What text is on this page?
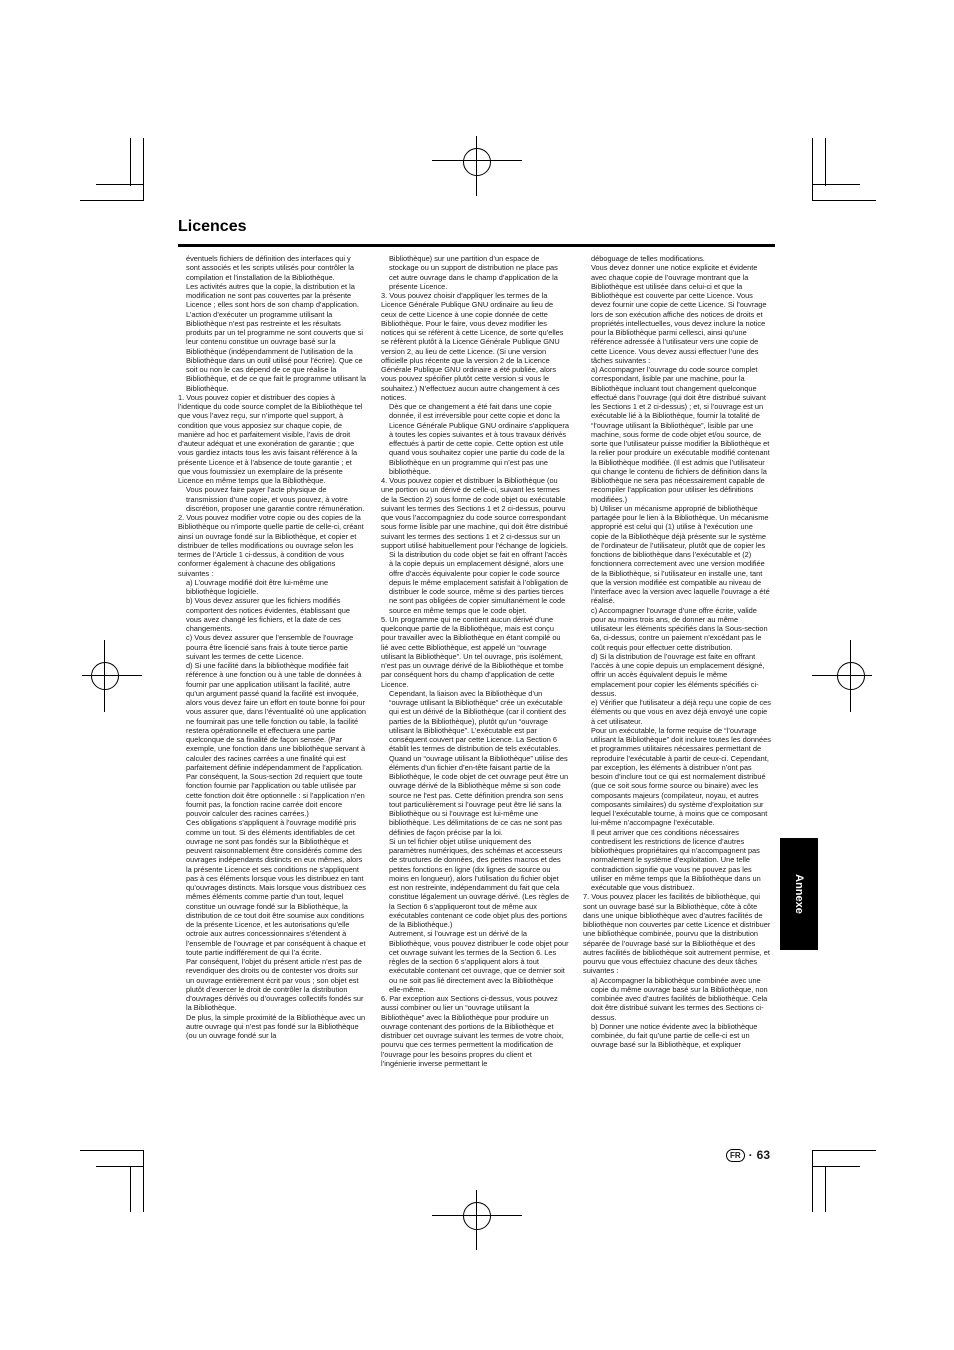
Licences

éventuels fichiers de définition des interfaces qui y sont associés et les scripts utilisés pour contrôler la compilation et l’installation de la Bibliothèque.

Les activités autres que la copie, la distribution et la modification ne sont pas couvertes par la présente Licence ; elles sont hors de son champ d’application. L’action d’exécuter un programme utilisant la Bibliothèque n’est pas restreinte et les résultats produits par un tel programme ne sont couverts que si leur contenu constitue un ouvrage basé sur la Bibliothèque (indépendamment de l’utilisation de la Bibliothèque dans un outil utilisé pour l’écrire). Que ce soit ou non le cas dépend de ce que réalise la Bibliothèque, et de ce que fait le programme utilisant la Bibliothèque.

1. Vous pouvez copier et distribuer des copies à l’identique du code source complet de la Bibliothèque tel que vous l’avez reçu, sur n’importe quel support, à condition que vous apposiez sur chaque copie, de manière ad hoc et parfaitement visible, l’avis de droit d’auteur adéquat et une exonération de garantie ; que vous gardiez intacts tous les avis faisant référence à la présente Licence et à l’absence de toute garantie ; et que vous fournissiez un exemplaire de la présente Licence en même temps que la Bibliothèque.

Vous pouvez faire payer l’acte physique de transmission d’une copie, et vous pouvez, à votre discrétion, proposer une garantie contre rémunération.

2. Vous pouvez modifier votre copie ou des copies de la Bibliothèque ou n’importe quelle partie de celle-ci, créant ainsi un ouvrage fondé sur la Bibliothèque, et copier et distribuer de telles modifications ou ouvrage selon les termes de l’Article 1 ci-dessus, à condition de vous conformer également à chacune des obligations suivantes :

a) L’ouvrage modifié doit être lui-même une bibliothèque logicielle.

b) Vous devez assurer que les fichiers modifiés comportent des notices évidentes, établissant que vous avez changé les fichiers, et la date de ces changements.

c) Vous devez assurer que l’ensemble de l’ouvrage pourra être licencié sans frais à toute tierce partie suivant les termes de cette Licence.

d) Si une facilité dans la bibliothèque modifiée fait référence à une fonction ou à une table de données à fournir par une application utilisant la facilité, autre qu’un argument passé quand la facilité est invoquée, alors vous devez faire un effort en toute bonne foi pour vous assurer que, dans l’éventualité où une application ne fournirait pas une telle fonction ou table, la facilité restera opérationnelle et effectuera une partie quelconque de sa finalité de façon sensée. (Par exemple, une fonction dans une bibliothèque servant à calculer des racines carrées a une finalité qui est parfaitement définie indépendamment de l’application. Par conséquent, la Sous-section 2d requiert que toute fonction fournie par l’application ou table utilisée par cette fonction doit être optionnelle : si l’application n’en fournit pas, la fonction racine carrée doit encore pouvoir calculer des racines carrées.)

Ces obligations s’appliquent à l’ouvrage modifié pris comme un tout. Si des éléments identifiables de cet ouvrage ne sont pas fondés sur la Bibliothèque et peuvent raisonnablement être considérés comme des ouvrages indépendants distincts en eux mêmes, alors la présente Licence et ses conditions ne s’appliquent pas à ces éléments lorsque vous les distribuez en tant qu’ouvrages distincts. Mais lorsque vous distribuez ces mêmes éléments comme partie d’un tout, lequel constitue un ouvrage fondé sur la Bibliothèque, la distribution de ce tout doit être soumise aux conditions de la présente Licence, et les autorisations qu’elle octroie aux autres concessionnaires s’étendent à l’ensemble de l’ouvrage et par conséquent à chaque et toute partie indifférement de qui l’a écrite.

Par conséquent, l’objet du présent article n’est pas de revendiquer des droits ou de contester vos droits sur un ouvrage entièrement écrit par vous ; son objet est plutôt d’exercer le droit de contrôler la distribution d’ouvrages dérivés ou d’ouvrages collectifs fondés sur la Bibliothèque.

De plus, la simple proximité de la Bibliothèque avec un autre ouvrage qui n’est pas fondé sur la Bibliothèque (ou un ouvrage fondé sur la

Bibliothèque) sur une partition d’un espace de stockage ou un support de distribution ne place pas cet autre ouvrage dans le champ d’application de la présente Licence.

3. Vous pouvez choisir d’appliquer les termes de la Licence Générale Publique GNU ordinaire au lieu de ceux de cette Licence à une copie donnée de cette Bibliothèque. Pour le faire, vous devez modifier les notices qui se réfèrent à cette Licence, de sorte qu’elles se réfèrent plutôt à la Licence Générale Publique GNU version 2, au lieu de cette Licence. (Si une version officielle plus récente que la version 2 de la Licence Générale Publique GNU ordinaire a été publiée, alors vous pouvez spécifier plutôt cette version si vous le souhaitez.) N’effectuez aucun autre changement à ces notices.

Dès que ce changement a été fait dans une copie donnée, il est irréversible pour cette copie et donc la Licence Générale Publique GNU ordinaire s’appliquera à toutes les copies suivantes et à tous travaux dérivés effectués à partir de cette copie. Cette option est utile quand vous souhaitez copier une partie du code de la Bibliothèque en un programme qui n’est pas une bibliothèque.

4. Vous pouvez copier et distribuer la Bibliothèque (ou une portion ou un dérivé de celle-ci, suivant les termes de la Section 2) sous forme de code objet ou exécutable suivant les termes des Sections 1 et 2 ci-dessus, pourvu que vous l’accompagniez du code source correspondant sous forme lisible par une machine, qui doit être distribué suivant les termes des sections 1 et 2 ci-dessus sur un support utilisé habituellement pour l’échange de logiciels.

Si la distribution du code objet se fait en offrant l’accès à la copie depuis un emplacement désigné, alors une offre d’accès équivalente pour copier le code source depuis le même emplacement satisfait à l’obligation de distribuer le code source, même si des parties tierces ne sont pas obligées de copier simultanément le code source en même temps que le code objet.

5. Un programme qui ne contient aucun dérivé d’une quelconque partie de la Bibliothèque, mais est conçu pour travailler avec la Bibliothèque en étant compilé ou lié avec cette Bibliothèque, est appelé un “ouvrage utilisant la Bibliothèque”. Un tel ouvrage, pris isolément, n’est pas un ouvrage dérivé de la Bibliothèque et tombe par conséquent hors du champ d’application de cette Licence.

Cependant, la liaison avec la Bibliothèque d’un “ouvrage utilisant la Bibliothèque” crée un exécutable qui est un dérivé de la Bibliothèque (car il contient des parties de la Bibliothèque), plutôt qu’un “ouvrage utilisant la Bibliothèque”. L’exécutable est par conséquent couvert par cette Licence. La Section 6 établit les termes de distribution de tels exécutables.

Quand un “ouvrage utilisant la Bibliothèque” utilise des éléments d’un fichier d’en-tête faisant partie de la Bibliothèque, le code objet de cet ouvrage peut être un ouvrage dérivé de la Bibliothèque même si son code source ne l’est pas. Cette définition prendra son sens tout particulièrement si l’ouvrage peut être lié sans la Bibliothèque ou si l’ouvrage est lui-même une bibliothèque. Les délimitations de ce cas ne sont pas définies de façon précise par la loi.

Si un tel fichier objet utilise uniquement des paramètres numériques, des schémas et accesseurs de structures de données, des petites macros et des petites fonctions en ligne (dix lignes de source ou moins en longueur), alors l’utilisation du fichier objet est non restreinte, indépendamment du fait que cela constitue légalement un ouvrage dérivé. (Les règles de la Section 6 s’appliqueront tout de même aux exécutables contenant ce code objet plus des portions de la Bibliothèque.)

Autrement, si l’ouvrage est un dérivé de la Bibliothèque, vous pouvez distribuer le code objet pour cet ouvrage suivant les termes de la Section 6. Les règles de la section 6 s’appliquent alors à tout exécutable contenant cet ouvrage, que ce dernier soit ou ne soit pas lié directement avec la Bibliothèque elle-même.

6. Par exception aux Sections ci-dessus, vous pouvez aussi combiner ou lier un “ouvrage utilisant la Bibliothèque” avec la Bibliothèque pour produire un ouvrage contenant des portions de la Bibliothèque et distribuer cet ouvrage suivant les termes de votre choix, pourvu que ces termes permettent la modification de l’ouvrage pour les besoins propres du client et l’ingénierie inverse permettant le

déboguage de telles modifications.

Vous devez donner une notice explicite et évidente avec chaque copie de l’ouvrage montrant que la Bibliothèque est utilisée dans celui-ci et que la Bibliothèque est couverte par cette Licence. Vous devez fournir une copie de cette Licence. Si l’ouvrage lors de son exécution affiche des notices de droits et propriétés intellectuelles, vous devez inclure la notice pour la Bibliothèque parmi cellesci, ainsi qu’une référence adressée à l’utilisateur vers une copie de cette Licence. Vous devez aussi effectuer l’une des tâches suivantes :

a) Accompagner l’ouvrage du code source complet correspondant, lisible par une machine, pour la Bibliothèque incluant tout changement quelconque effectué dans l’ouvrage (qui doit être distribué suivant les Sections 1 et 2 ci-dessus) ; et, si l’ouvrage est un exécutable lié à la Bibliothèque, fournir la totalité de “l’ouvrage utilisant la Bibliothèque”, lisible par une machine, sous forme de code objet et/ou source, de sorte que l’utilisateur puisse modifier la Bibliothèque et la relier pour produire un exécutable modifié contenant la Bibliothèque modifiée. (Il est admis que l’utilisateur qui change le contenu de fichiers de définition dans la Bibliothèque ne sera pas nécessairement capable de recompiler l’application pour utiliser les définitions modifiées.)

b) Utiliser un mécanisme approprié de bibliothèque partagée pour le lien à la Bibliothèque. Un mécanisme approprié est celui qui (1) utilise à l’exécution une copie de la Bibliothèque déjà présente sur le système de l’ordinateur de l’utilisateur, plutôt que de copier les fonctions de bibliothèque dans l’exécutable et (2) fonctionnera correctement avec une version modifiée de la Bibliothèque, si l’utilisateur en installe une, tant que la version modifiée est compatible au niveau de l’interface avec la version avec laquelle l’ouvrage a été réalisé.

c) Accompagner l’ouvrage d’une offre écrite, valide pour au moins trois ans, de donner au même utilisateur les éléments spécifiés dans la Sous-section 6a, ci-dessus, contre un paiement n’excédant pas le coût requis pour effectuer cette distribution.

d) Si la distribution de l’ouvrage est faite en offrant l’accès à une copie depuis un emplacement désigné, offrir un accès équivalent depuis le même emplacement pour copier les éléments spécifiés ci-dessus.

e) Vérifier que l’utilisateur a déjà reçu une copie de ces éléments ou que vous en avez déjà envoyé une copie à cet utilisateur.

Pour un exécutable, la forme requise de “l’ouvrage utilisant la Bibliothèque” doit inclure toutes les données et programmes utilitaires nécessaires permettant de reproduire l’exécutable à partir de ceux-ci. Cependant, par exception, les éléments à distribuer n’ont pas besoin d’inclure tout ce qui est normalement distribué (que ce soit sous forme source ou binaire) avec les composants majeurs (compilateur, noyau, et autres composants similaires) du système d’exploitation sur lequel l’exécutable tourne, à moins que ce composant lui-même n’accompagne l’exécutable.

Il peut arriver que ces conditions nécessaires contredisent les restrictions de licence d’autres bibliothèques propriétaires qui n’accompagnent pas normalement le système d’exploitation. Une telle contradiction signifie que vous ne pouvez pas les utiliser en même temps que la Bibliothèque dans un exécutable que vous distribuez.

7. Vous pouvez placer les facilités de bibliothèque, qui sont un ouvrage basé sur la Bibliothèque, côte à côte dans une unique bibliothèque avec d’autres facilités de bibliothèque non couvertes par cette Licence et distribuer une bibliothèque combinée, pourvu que la distribution séparée de l’ouvrage basé sur la Bibliothèque et des autres facilités de bibliothèque soit autrement permise, et pourvu que vous effectuiez chacune des deux tâches suivantes :

a) Accompagner la bibliothèque combinée avec une copie du même ouvrage basé sur la Bibliothèque, non combinée avec d’autres facilités de bibliothèque. Cela doit être distribué suivant les termes des Sections ci-dessus.

b) Donner une notice évidente avec la bibliothèque combinée, du fait qu’une partie de celle-ci est un ouvrage basé sur la Bibliothèque, et expliquer

Annexe
FR · 63
